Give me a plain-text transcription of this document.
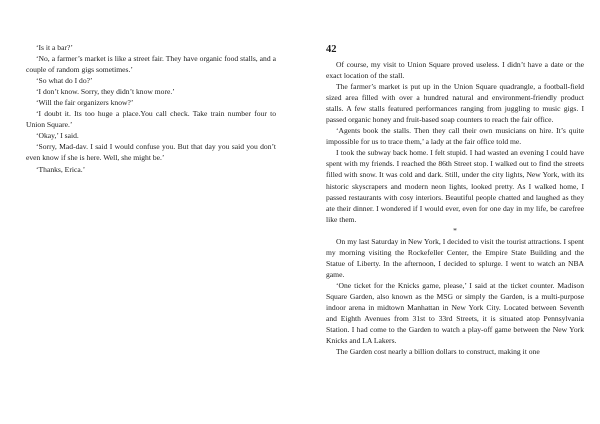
‘Is it a bar?’

‘No, a farmer’s market is like a street fair. They have organic food stalls, and a couple of random gigs sometimes.’

‘So what do I do?’

‘I don’t know. Sorry, they didn’t know more.’

‘Will the fair organizers know?’

‘I doubt it. Its too huge a place.You call check. Take train number four to Union Square.’

‘Okay,’ I said.

‘Sorry, Mad-dav. I said I would confuse you. But that day you said you don’t even know if she is here. Well, she might be.’

‘Thanks, Erica.’

42

Of course, my visit to Union Square proved useless. I didn’t have a date or the exact location of the stall.

The farmer’s market is put up in the Union Square quadrangle, a football-field sized area filled with over a hundred natural and environment-friendly product stalls. A few stalls featured performances ranging from juggling to music gigs. I passed organic honey and fruit-based soap counters to reach the fair office.

‘Agents book the stalls. Then they call their own musicians on hire. It’s quite impossible for us to trace them,’ a lady at the fair office told me.

I took the subway back home. I felt stupid. I had wasted an evening I could have spent with my friends. I reached the 86th Street stop. I walked out to find the streets filled with snow. It was cold and dark. Still, under the city lights, New York, with its historic skyscrapers and modern neon lights, looked pretty. As I walked home, I passed restaurants with cosy interiors. Beautiful people chatted and laughed as they ate their dinner. I wondered if I would ever, even for one day in my life, be carefree like them.

*

On my last Saturday in New York, I decided to visit the tourist attractions. I spent my morning visiting the Rockefeller Center, the Empire State Building and the Statue of Liberty. In the afternoon, I decided to splurge. I went to watch an NBA game.

‘One ticket for the Knicks game, please,’ I said at the ticket counter. Madison Square Garden, also known as the MSG or simply the Garden, is a multi-purpose indoor arena in midtown Manhattan in New York City. Located between Seventh and Eighth Avenues from 31st to 33rd Streets, it is situated atop Pennsylvania Station. I had come to the Garden to watch a play-off game between the New York Knicks and LA Lakers.

The Garden cost nearly a billion dollars to construct, making it one
